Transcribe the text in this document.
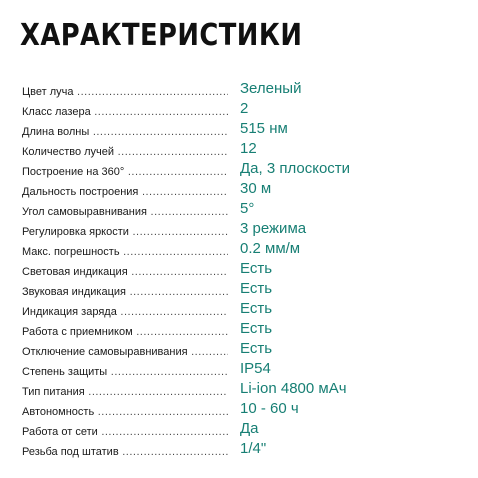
ХАРАКТЕРИСТИКИ
Цвет луча .....	Зеленый
Класс лазера .....	2
Длина волны .....	515 нм
Количество лучей .....	12
Построение на 360° .....	Да, 3 плоскости
Дальность построения .....	30 м
Угол самовыравнивания .....	5°
Регулировка яркости .....	3 режима
Макс. погрешность .....	0.2 мм/м
Световая индикация .....	Есть
Звуковая индикация .....	Есть
Индикация заряда .....	Есть
Работа с приемником .....	Есть
Отключение самовыравнивания .....	Есть
Степень защиты .....	IP54
Тип питания .....	Li-ion 4800 мАч
Автономность .....	10 - 60 ч
Работа от сети .....	Да
Резьба под штатив .....	1/4"
